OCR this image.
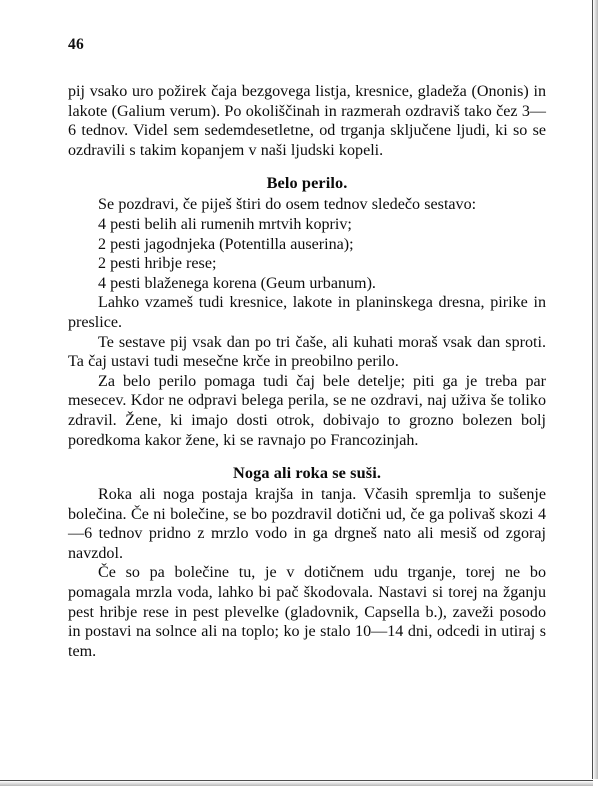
46

pij vsako uro požirek čaja bezgovega listja, kresnice, gladeža (Ononis) in lakote (Galium verum). Po okoliščinah in razmerah ozdraviš tako čez 3—6 tednov. Videl sem sedemdesetletne, od trganja sključene ljudi, ki so se ozdravili s takim kopanjem v naši ljudski kopeli.

Belo perilo.

Se pozdravi, če piješ štiri do osem tednov sledečo sestavo:

4 pesti belih ali rumenih mrtvih kopriv;
2 pesti jagodnjeka (Potentilla auserina);
2 pesti hribje rese;
4 pesti blaženega korena (Geum urbanum).

Lahko vzameš tudi kresnice, lakote in planinskega dresna, pirike in preslice.

Te sestave pij vsak dan po tri čaše, ali kuhati moraš vsak dan sproti. Ta čaj ustavi tudi mesečne krče in preobilno perilo.

Za belo perilo pomaga tudi čaj bele detelje; piti ga je treba par mesecev. Kdor ne odpravi belega perila, se ne ozdravi, naj uživa še toliko zdravil. Žene, ki imajo dosti otrok, dobivajo to grozno bolezen bolj poredkoma kakor žene, ki se ravnajo po Francozinjah.

Noga ali roka se suši.

Roka ali noga postaja krajša in tanja. Včasih spremlja to sušenje bolečina. Če ni bolečine, se bo pozdravil dotični ud, če ga polivaš skozi 4—6 tednov pridno z mrzlo vodo in ga drgneš nato ali mesiš od zgoraj navzdol.

Če so pa bolečine tu, je v dotičnem udu trganje, torej ne bo pomagala mrzla voda, lahko bi pač škodovala. Nastavi si torej na žganju pest hribje rese in pest plevelke (gladovnik, Capsella b.), zaveži posodo in postavi na solnce ali na toplo; ko je stalo 10—14 dni, odcedi in utiraj s tem.
